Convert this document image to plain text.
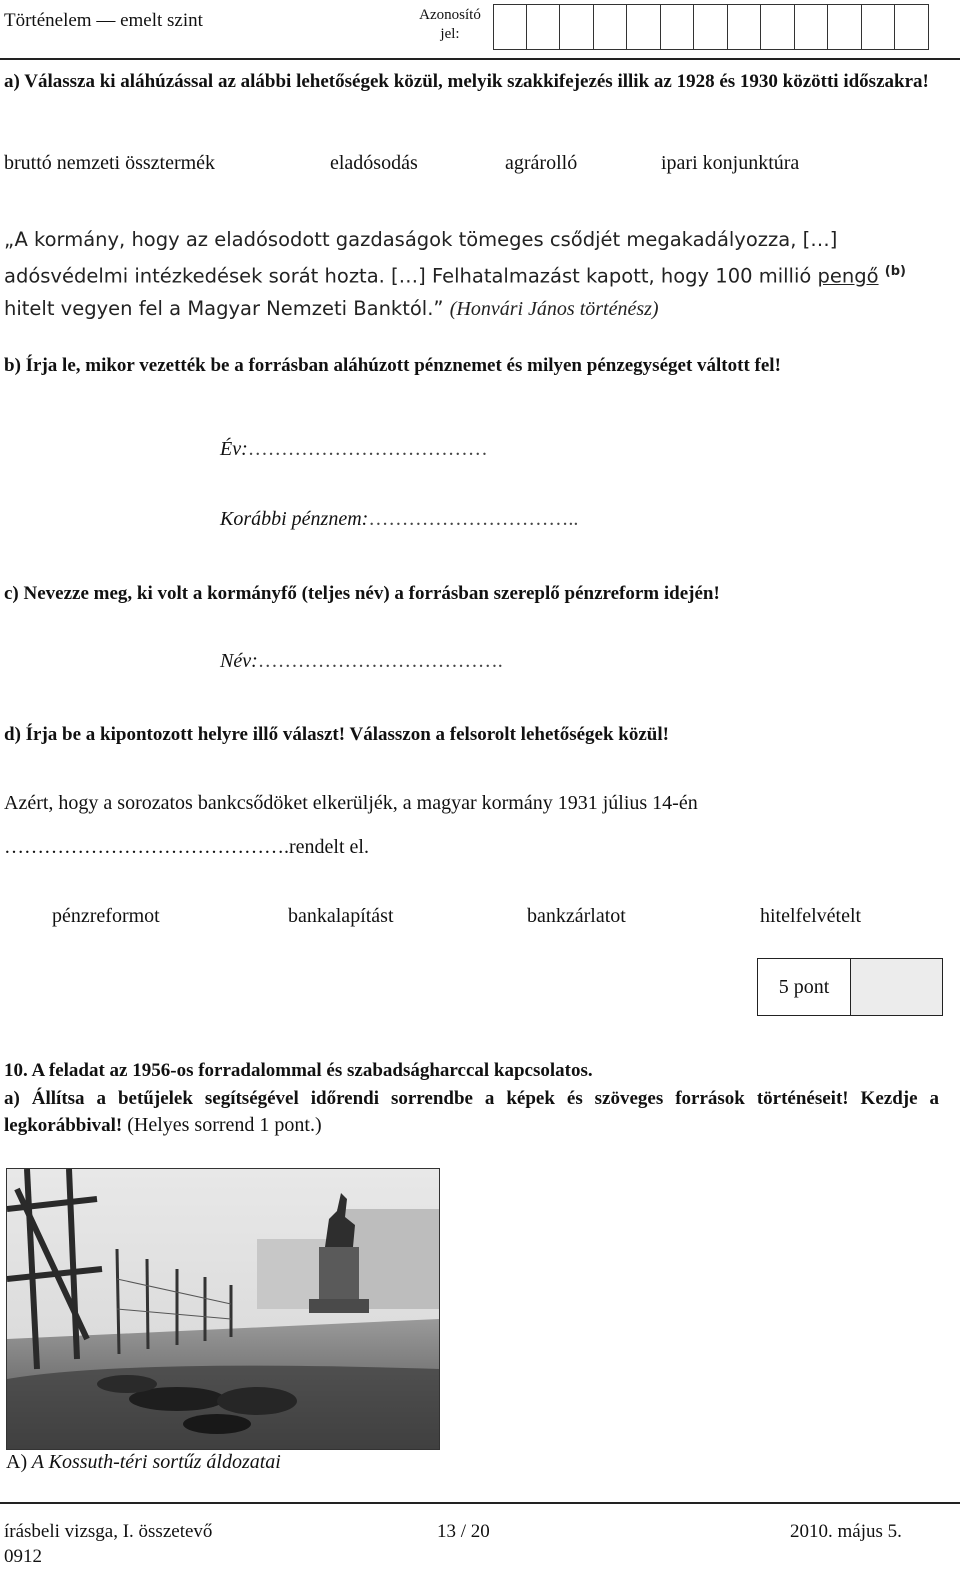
Történelem — emelt szint	Azonosító
jel:
a) Válassza ki aláhúzással az alábbi lehetőségek közül, melyik szakkifejezés illik az 1928 és 1930 közötti időszakra!
bruttó nemzeti össztermék	eladósodás	agrárolló	ipari konjunktúra
„A kormány, hogy az eladósodott gazdaságok tömeges csődjét megakadályozza, […] adósvédelmi intézkedések sorát hozta. […] Felhatalmazást kapott, hogy 100 millió pengő $^{(b)}$ hitelt vegyen fel a Magyar Nemzeti Banktól.” (Honvári János történész)
b) Írja le, mikor vezették be a forrásban aláhúzott pénznemet és milyen pénzegységet váltott fel!
Év:………………………………
Korábbi pénznem:…………………………..
c) Nevezze meg, ki volt a kormányfő (teljes név) a forrásban szereplő pénzreform idején!
Név:……………………………….
d) Írja be a kipontozott helyre illő választ! Válasszon a felsorolt lehetőségek közül!
Azért, hogy a sorozatos bankcsődöket elkerüljék, a magyar kormány 1931 július 14-én
…………………………………….rendelt el.
pénzreformot	bankalapítást	bankzárlatot	hitelfelvételt
5 pont
10. A feladat az 1956-os forradalommal és szabadságharccal kapcsolatos.
a) Állítsa a betűjelek segítségével időrendi sorrendbe a képek és szöveges források történéseit! Kezdje a legkorábbival! (Helyes sorrend 1 pont.)
A) A Kossuth-téri sortűz áldozatai
írásbeli vizsga, I. összetevő	13 / 20	2010. május 5.
0912
